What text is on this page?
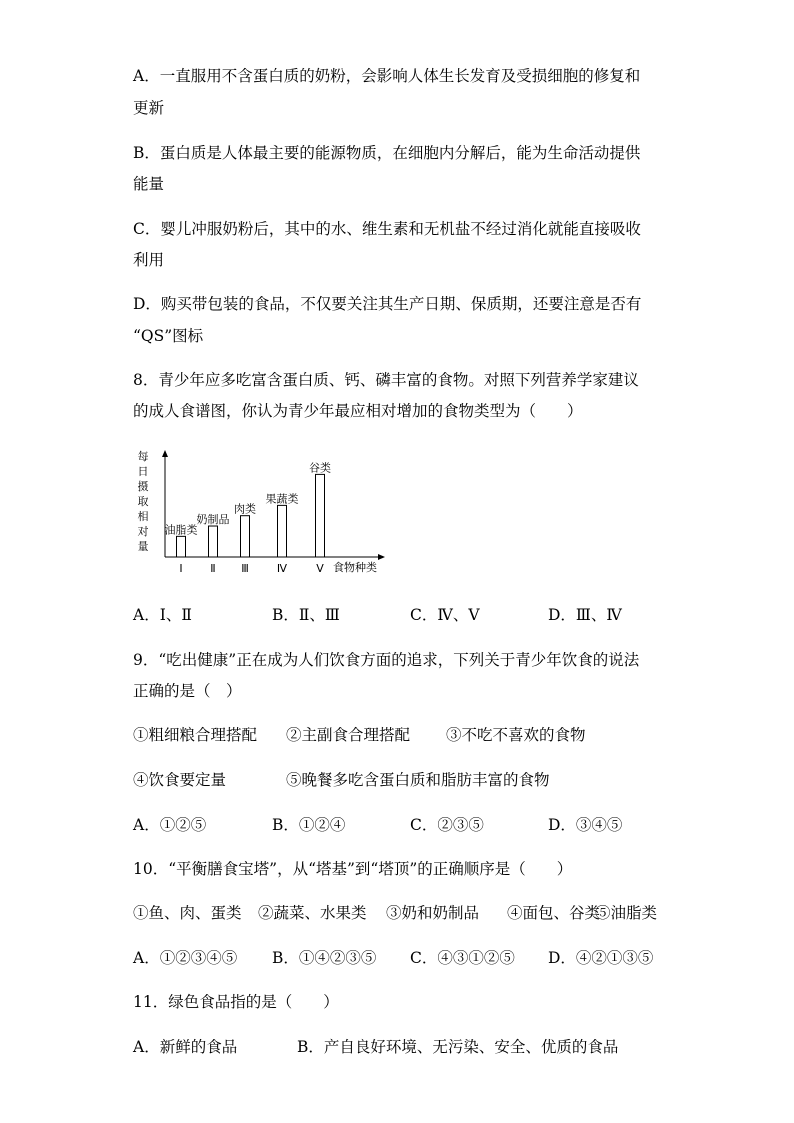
A．一直服用不含蛋白质的奶粉，会影响人体生长发育及受损细胞的修复和
更新
B．蛋白质是人体最主要的能源物质，在细胞内分解后，能为生命活动提供
能量
C．婴儿冲服奶粉后，其中的水、维生素和无机盐不经过消化就能直接吸收
利用
D．购买带包装的食品，不仅要关注其生产日期、保质期，还要注意是否有
“QS”图标
8．青少年应多吃富含蛋白质、钙、磷丰富的食物。对照下列营养学家建议
的成人食谱图，你认为青少年最应相对增加的食物类型为（　　）
每
日
摄
取
相
对
量
油脂类
Ⅰ
奶制品
Ⅱ
肉类
Ⅲ
果蔬类
Ⅳ
谷类
Ⅴ 食物种类
A．Ⅰ、Ⅱ	B．Ⅱ、Ⅲ	C．Ⅳ、Ⅴ	D．Ⅲ、Ⅳ
9．“吃出健康”正在成为人们饮食方面的追求，下列关于青少年饮食的说法
正确的是（　）
①粗细粮合理搭配 ②主副食合理搭配 ③不吃不喜欢的食物
④饮食要定量	⑤晚餐多吃含蛋白质和脂肪丰富的食物
A．①②⑤	B．①②④	C．②③⑤	D．③④⑤
10．“平衡膳食宝塔”，从“塔基”到“塔顶”的正确顺序是（　　）
①鱼、肉、蛋类 ②蔬菜、水果类 ③奶和奶制品 ④面包、谷类
⑤油脂类
A．①②③④⑤ B．①④②③⑤ C．④③①②⑤ D．④②①③⑤
11．绿色食品指的是（　　）
A．新鲜的食品	B．产自良好环境、无污染、安全、优质的食品
